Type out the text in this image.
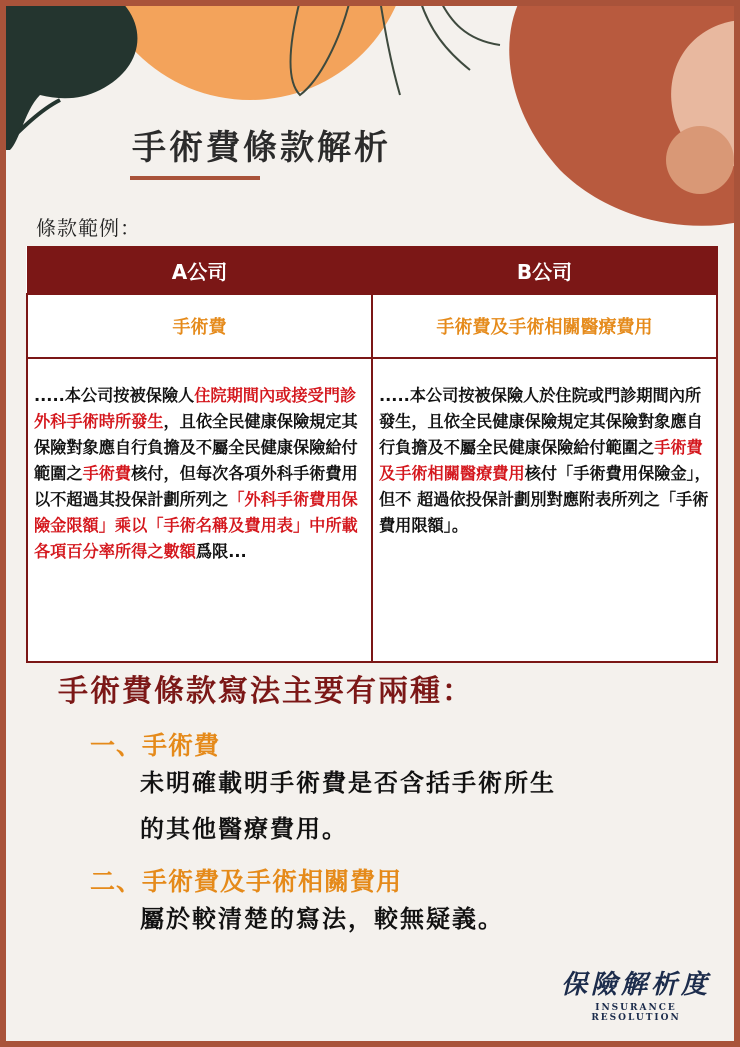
手術費條款解析
條款範例：
A公司	B公司
手術費	手術費及手術相關醫療費用
.....本公司按被保險人住院期間內或接受門診外科手術時所發生，且依全民健康保險規定其保險對象應自行負擔及不屬全民健康保險給付範圍之手術費核付，但每次各項外科手術費用以不超過其投保計劃所列之「外科手術費用保險金限額」乘以「手術名稱及費用表」中所載各項百分率所得之數額爲限...	.....本公司按被保險人於住院或門診期間內所發生，且依全民健康保險規定其保險對象應自行負擔及不屬全民健康保險給付範圍之手術費及手術相關醫療費用核付「手術費用保險金」，但不 超過依投保計劃別對應附表所列之「手術費用限額」。
手術費條款寫法主要有兩種：
一、手術費
未明確載明手術費是否含括手術所生
的其他醫療費用。
二、手術費及手術相關費用
屬於較清楚的寫法，較無疑義。
保險解析度
INSURANCE RESOLUTION
